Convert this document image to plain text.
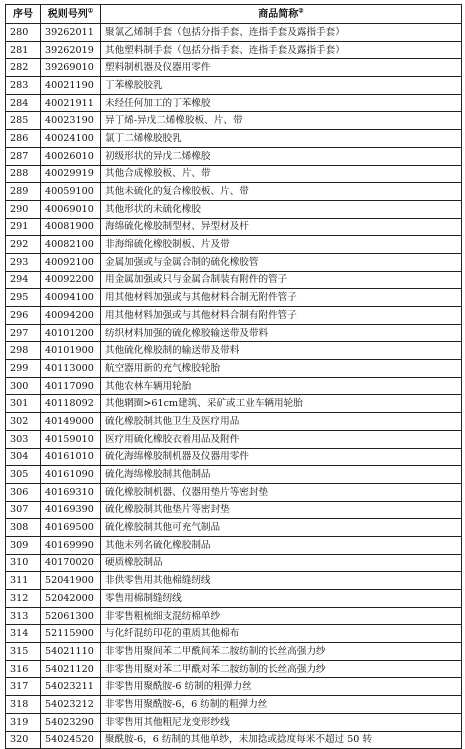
序号	税则号列①	商品简称②
280	39262011	聚氯乙烯制手套（包括分指手套、连指手套及露指手套）
281	39262019	其他塑料制手套（包括分指手套、连指手套及露指手套）
282	39269010	塑料制机器及仪器用零件
283	40021190	丁苯橡胶胶乳
284	40021911	未经任何加工的丁苯橡胶
285	40023190	异丁烯-异戊二烯橡胶板、片、带
286	40024100	氯丁二烯橡胶胶乳
287	40026010	初级形状的异戊二烯橡胶
288	40029919	其他合成橡胶板、片、带
289	40059100	其他未硫化的复合橡胶板、片、带
290	40069010	其他形状的未硫化橡胶
291	40081900	海绵硫化橡胶制型材、异型材及杆
292	40082100	非海绵硫化橡胶制板、片及带
293	40092100	金属加强或与金属合制的硫化橡胶管
294	40092200	用金属加强或只与金属合制装有附件的管子
295	40094100	用其他材料加强或与其他材料合制无附件管子
296	40094200	用其他材料加强或与其他材料合制有附件管子
297	40101200	纺织材料加强的硫化橡胶输送带及带料
298	40101900	其他硫化橡胶制的输送带及带料
299	40113000	航空器用新的充气橡胶轮胎
300	40117090	其他农林车辆用轮胎
301	40118092	其他辋圈>61cm建筑、采矿或工业车辆用轮胎
302	40149000	硫化橡胶制其他卫生及医疗用品
303	40159010	医疗用硫化橡胶衣着用品及附件
304	40161010	硫化海绵橡胶制机器及仪器用零件
305	40161090	硫化海绵橡胶制其他制品
306	40169310	硫化橡胶制机器、仪器用垫片等密封垫
307	40169390	硫化橡胶制其他垫片等密封垫
308	40169500	硫化橡胶制其他可充气制品
309	40169990	其他未列名硫化橡胶制品
310	40170020	硬质橡胶制品
311	52041900	非供零售用其他棉缝纫线
312	52042000	零售用棉制缝纫线
313	52061300	非零售粗梳细支混纺棉单纱
314	52115900	与化纤混纺印花的重质其他棉布
315	54021110	非零售用聚间苯二甲酰间苯二胺纺制的长丝高强力纱
316	54021120	非零售用聚对苯二甲酰对苯二胺纺制的长丝高强力纱
317	54023211	非零售用聚酰胺-6 纺制的粗弹力丝
318	54023212	非零售用聚酰胺-6，6 纺制的粗弹力丝
319	54023290	非零售用其他粗尼龙变形纱线
320	54024520	聚酰胺-6，6 纺制的其他单纱，未加捻或捻度每米不超过 50 转
